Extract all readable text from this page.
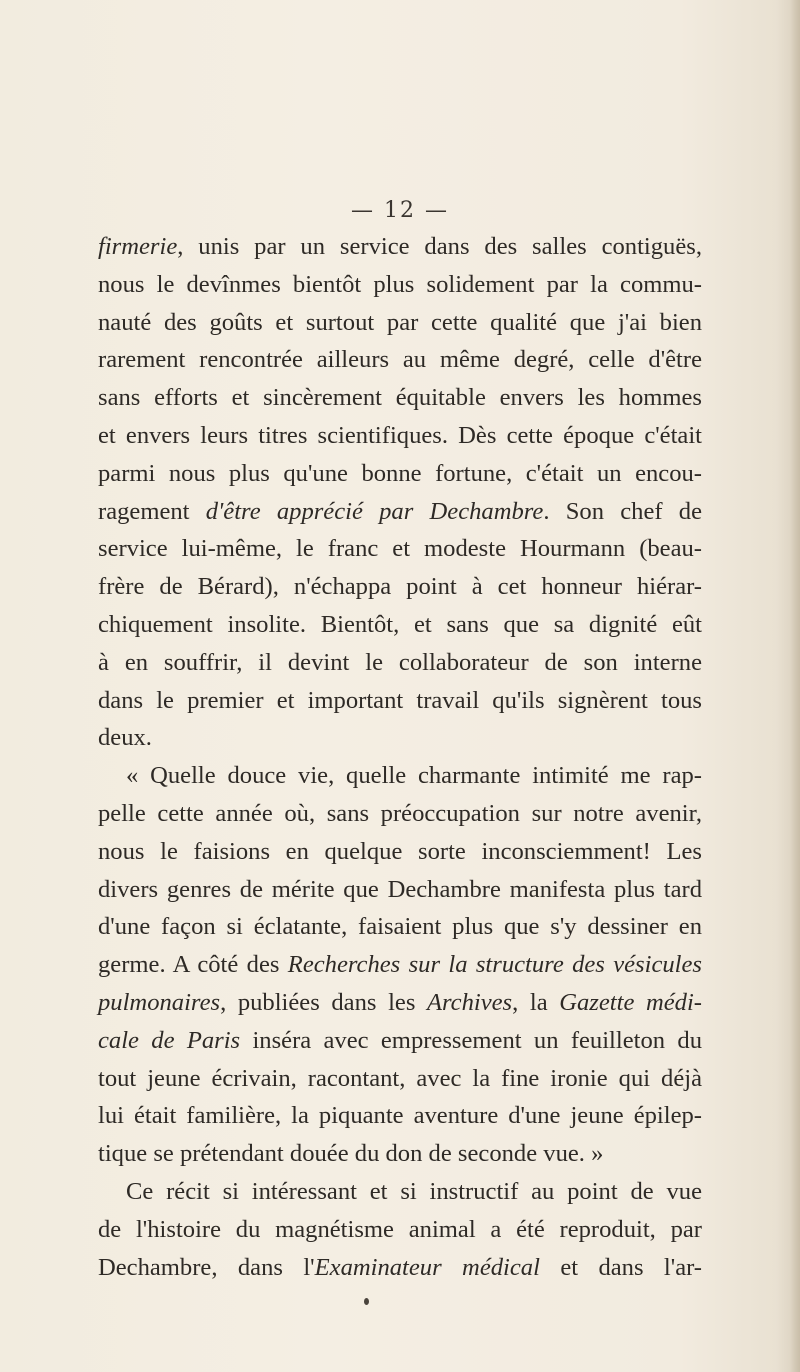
— 12 —
firmerie, unis par un service dans des salles contiguës,
nous le devînmes bientôt plus solidement par la commu-
nauté des goûts et surtout par cette qualité que j'ai bien
rarement rencontrée ailleurs au même degré, celle d'être
sans efforts et sincèrement équitable envers les hommes
et envers leurs titres scientifiques. Dès cette époque c'était
parmi nous plus qu'une bonne fortune, c'était un encou-
ragement d'être apprécié par Dechambre. Son chef de
service lui-même, le franc et modeste Hourmann (beau-
frère de Bérard), n'échappa point à cet honneur hiérar-
chiquement insolite. Bientôt, et sans que sa dignité eût
à en souffrir, il devint le collaborateur de son interne
dans le premier et important travail qu'ils signèrent tous
deux.
« Quelle douce vie, quelle charmante intimité me rap-
pelle cette année où, sans préoccupation sur notre avenir,
nous le faisions en quelque sorte inconsciemment! Les
divers genres de mérite que Dechambre manifesta plus tard
d'une façon si éclatante, faisaient plus que s'y dessiner en
germe. A côté des Recherches sur la structure des vésicules
pulmonaires, publiées dans les Archives, la Gazette médi-
cale de Paris inséra avec empressement un feuilleton du
tout jeune écrivain, racontant, avec la fine ironie qui déjà
lui était familière, la piquante aventure d'une jeune épilep-
tique se prétendant douée du don de seconde vue. »
Ce récit si intéressant et si instructif au point de vue
de l'histoire du magnétisme animal a été reproduit, par
Dechambre, dans l'Examinateur médical et dans l'ar-
